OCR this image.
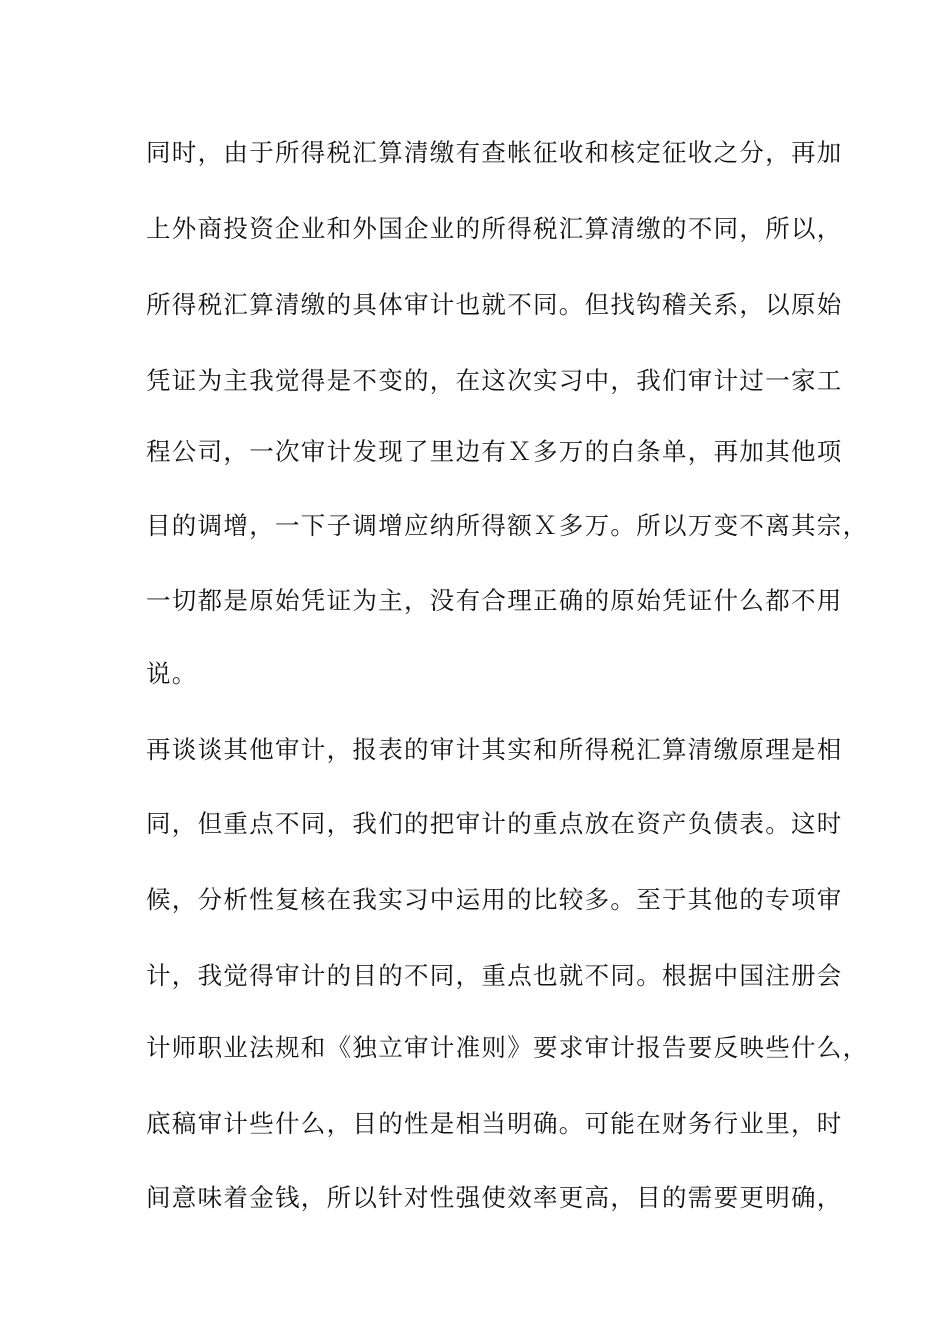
同时，由于所得税汇算清缴有查帐征收和核定征收之分，再加
上外商投资企业和外国企业的所得税汇算清缴的不同，所以，
所得税汇算清缴的具体审计也就不同。但找钩稽关系，以原始
凭证为主我觉得是不变的，在这次实习中，我们审计过一家工
程公司，一次审计发现了里边有Ｘ多万的白条单，再加其他项
目的调增，一下子调增应纳所得额Ｘ多万。所以万变不离其宗，
一切都是原始凭证为主，没有合理正确的原始凭证什么都不用
说。
再谈谈其他审计，报表的审计其实和所得税汇算清缴原理是相
同，但重点不同，我们的把审计的重点放在资产负债表。这时
候，分析性复核在我实习中运用的比较多。至于其他的专项审
计，我觉得审计的目的不同，重点也就不同。根据中国注册会
计师职业法规和《独立审计准则》要求审计报告要反映些什么，
底稿审计些什么，目的性是相当明确。可能在财务行业里，时
间意味着金钱，所以针对性强使效率更高，目的需要更明确，
